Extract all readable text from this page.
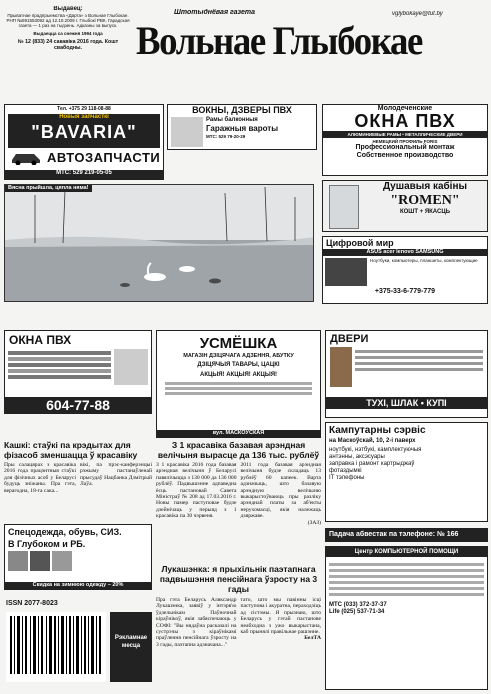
Выдавец:
Прыватнае прадпрыемства «Дарта» з Вольнае Глыбокае. РНП №591553092 ад 12.10.2009 г. Глыбокі РВК. Гарадская газета — 1 раз на тыдзень. Адказны за выпуск.
Выдаецца са снежня 1994 года
№ 12 (833) 24 сакавіка 2016 года. Кошт свабодны.
Штотыднёвая газета	vglybokaye@tut.by
Вольнае Глыбокае
Тел. +375 29 118-08-88
Новыя запчасткі
"BAVARIA"
АВТОЗАПЧАСТИ
МТС: 529 219-05-05
ВОКНЫ, ДЗВЕРЫ ПВХ
Рамы балконныя
Гаражныя вароты
МТС: 529 79-20-29
Молодеченские
ОКНА ПВХ
АЛЮМИНИЕВЫЕ РАМЫ • МЕТАЛЛИЧЕСКИЕ ДВЕРИ
НЕМЕЦКИЙ ПРОФИЛЬ FORIS
Профессиональный монтаж
Собственное производство
Вясна прыйшла, цяпла няма!	Душавыя кабіны
"ROMEN"
КОШТ + ЯКАСЦЬ
Цифровой мир
ASUS acer lenovo SAMSUNG
Ноутбуки, компьютеры, планшеты, комплектующие
+375-33-6-779-779
ОКНА ПВХ
604-77-88
УСМЁШКА
МАГАЗІН ДЗІЦЯЧАГА АДЗЕННЯ, АБУТКУ
ДЗІЦЯЧЫЯ ТАВАРЫ, ЦАЦКІ
АКЦЫЯ! АКЦЫЯ! АКЦЫЯ!
вул. МАСКОЎСКАЯ
ДВЕРИ
ТУХІ, ШЛАК • КУПІ
Кашкі: стаўкі па крэдытах для фізасоб зменшацца ў красавіку
Пры салацярах з красавіка 2016 года працэнтныя стаўкі для фізічных асоб у Беларусі будуць зніжаны. Пра гэта, верагодна, 18-га сака...
вікі, па прэс-канферэнцыі рэжыму пастанаўленай прысудаў Нацбанка Дзмітрый Лаўа.
З 1 красавіка базавая арэндная велічыня вырасце да 136 тыс. рублёў
З 1 красавіка 2016 года базавая арэндная велічыня ў Беларусі павялічыцца з 130 000 да 136 000 рублёў. Падвышэнне адпаведна ёсць пастановай Савета Міністраў № 208 ад 17.03.2016 г. Новы памер паступовае будзе дзейнічаць у перыяд з 1 красавіка па 30 чэрвеня.
2011 года базавая арэндная велічыня будзе складаць 13 рублёў 60 капеек. Варта адзначыць, што базавую арэндную велічыню выкарыстоўваюць пры разліку арэнднай платы за аб'екты нерухомасці, якія належаць дзяржаве.
(ЗАЗ)
Кампутарны сэрвіс
на Маскоўскай, 10, 2-і паверх
ноутбукі, нэтбукі, камплектуючыя
антэнны, аксэсуары
заправка і рамонт картрыджаў
фотаздымкі
ІТ тэлефоны
Спецодежда, обувь, СИЗ.
В Глубоком и РБ.
Скидка на зимнюю одежду – 20%
Лукашэнка: я прыхільнік паэтапнага падвышэння пенсійнага ўзросту на 3 гады
Пра гэта Беларусь Аляксандр Лукашэнка, заявіў у інтэрв'ю ўдзельнікам Паўночнай кіраўнікоў, якія забяспечаюць у СОФІ: "Вы нядаўна расказалі на сустрэчы з кіраўнікамі праўлення пенсійнага ўзросту на 3 гады, паэтапна адзначана..."
тато, што мы павінны ісці паступова і акуратна, пераходзіць ад сістэмы. Я прызнаю, што Беларусь у гэтай пастанове неабходна з ужо выкарыстана, каб прынялі правільнае рашэнне.
БелТА
Падача абвестак па тэлефоне: № 166
Центр КОМПЬЮТЕРНОЙ ПОМОЩИ
МТС (033) 372-37-37
Life (025) 537-71-34
ISSN 2077-8023
Рэкламнае месца
